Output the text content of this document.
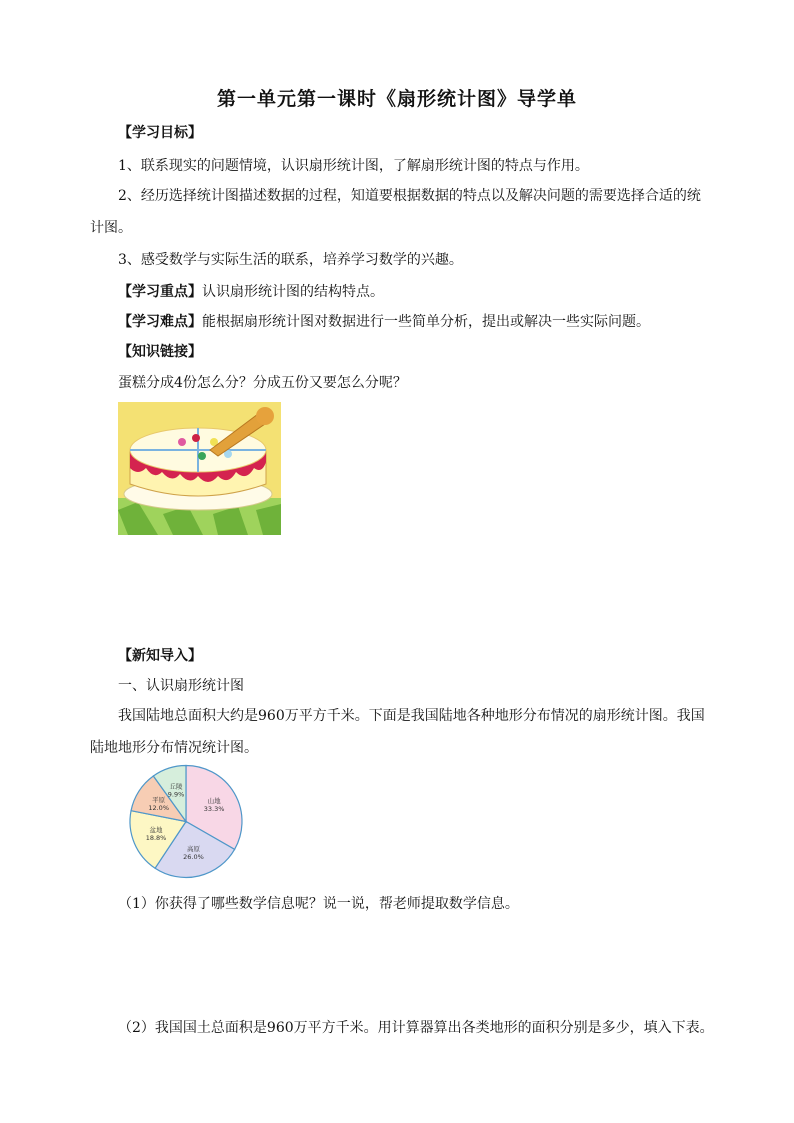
第一单元第一课时《扇形统计图》导学单
【学习目标】
1、联系现实的问题情境，认识扇形统计图，了解扇形统计图的特点与作用。
2、经历选择统计图描述数据的过程，知道要根据数据的特点以及解决问题的需要选择合适的统计图。
3、感受数学与实际生活的联系，培养学习数学的兴趣。
【学习重点】认识扇形统计图的结构特点。
【学习难点】能根据扇形统计图对数据进行一些简单分析，提出或解决一些实际问题。
【知识链接】
蛋糕分成4份怎么分？分成五份又要怎么分呢？
【新知导入】
一、认识扇形统计图
我国陆地总面积大约是960万平方千米。下面是我国陆地各种地形分布情况的扇形统计图。我国陆地地形分布情况统计图。
山地
33.3%
高原
26.0%
盆地
18.8%
平原
12.0%
丘陵
9.9%
（1）你获得了哪些数学信息呢？说一说，帮老师提取数学信息。
（2）我国国土总面积是960万平方千米。用计算器算出各类地形的面积分别是多少，填入下表。
